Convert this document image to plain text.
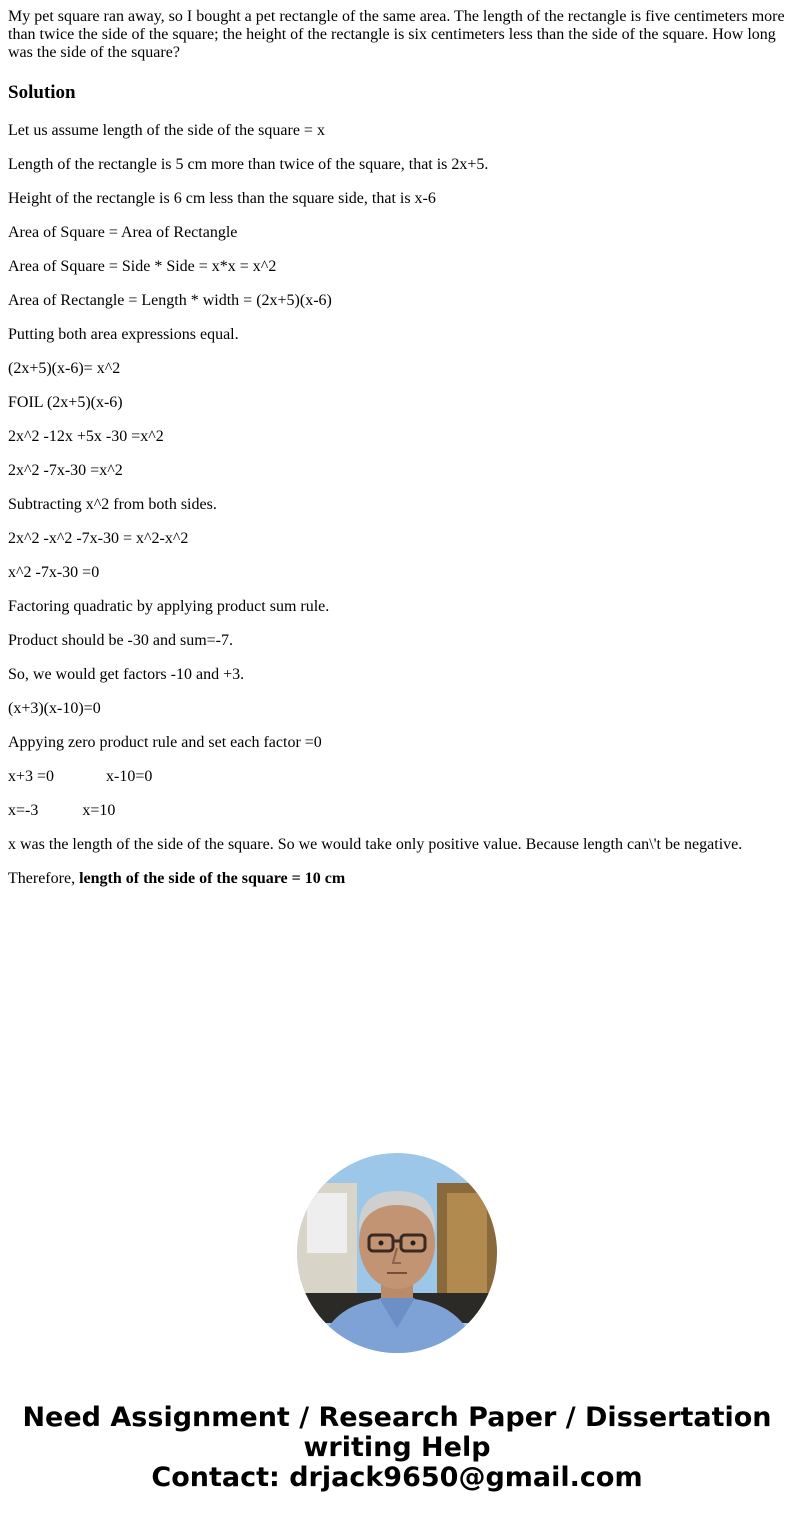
My pet square ran away, so I bought a pet rectangle of the same area. The length of the rectangle is five centimeters more than twice the side of the square; the height of the rectangle is six centimeters less than the side of the square. How long was the side of the square?

Solution

Let us assume length of the side of the square = x

Length of the rectangle is 5 cm more than twice of the square, that is 2x+5.

Height of the rectangle is 6 cm less than the square side, that is x-6

Area of Square = Area of Rectangle

Area of Square = Side * Side = x*x = x^2

Area of Rectangle = Length * width = (2x+5)(x-6)

Putting both area expressions equal.

(2x+5)(x-6)= x^2

FOIL (2x+5)(x-6)

2x^2 -12x +5x -30 =x^2

2x^2 -7x-30 =x^2

Subtracting x^2 from both sides.

2x^2 -x^2 -7x-30 = x^2-x^2

x^2 -7x-30 =0

Factoring quadratic by applying product sum rule.

Product should be -30 and sum=-7.

So, we would get factors -10 and +3.

(x+3)(x-10)=0

Appying zero product rule and set each factor =0

x+3 =0             x-10=0

x=-3           x=10

x was the length of the side of the square. So we would take only positive value. Because length can\'t be negative.

Therefore, length of the side of the square = 10 cm

Need Assignment / Research Paper / Dissertation
writing Help
Contact: drjack9650@gmail.com
